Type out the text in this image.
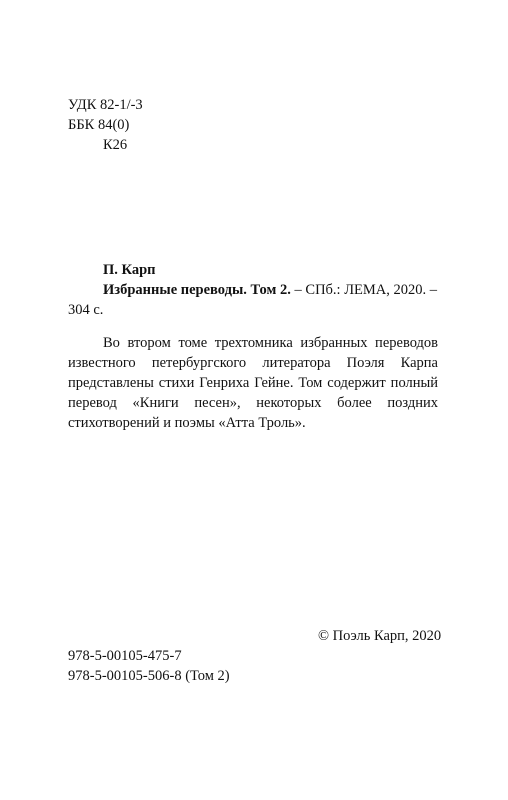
УДК 82-1/-3
ББК 84(0)
К26
П. Карп
Избранные переводы. Том 2. – СПб.: ЛЕМА, 2020. –
304 с.
Во втором томе трехтомника избранных переводов
известного петербургского литератора Поэля Карпа
представлены стихи Генриха Гейне. Том содержит полный
перевод «Книги песен», некоторых более поздних
стихотворений и поэмы «Атта Троль».
© Поэль Карп, 2020
978-5-00105-475-7
978-5-00105-506-8 (Том 2)
